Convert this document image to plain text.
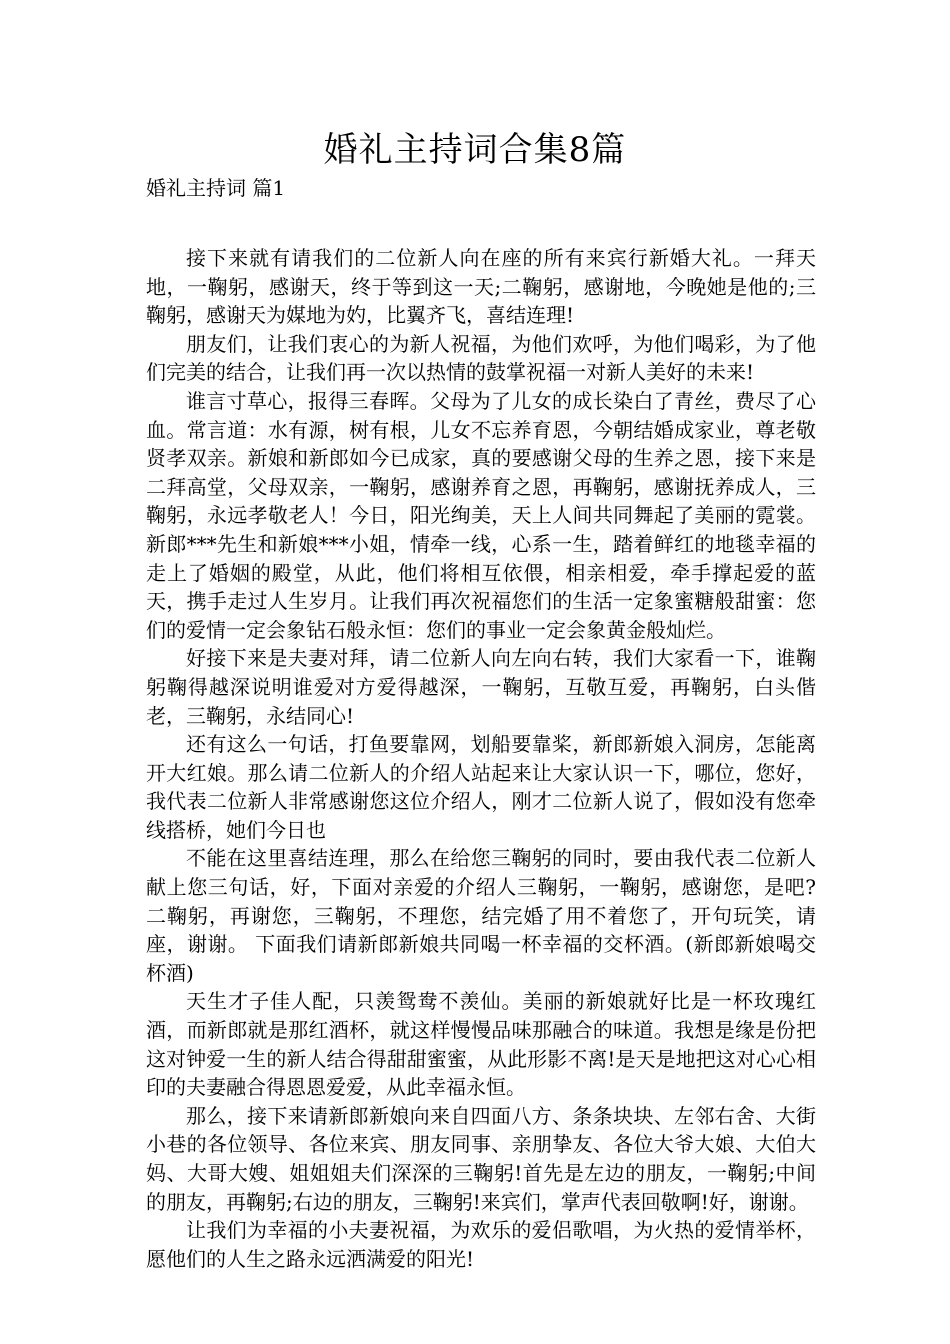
婚礼主持词合集8篇
婚礼主持词 篇1

接下来就有请我们的二位新人向在座的所有来宾行新婚大礼。一拜天地，一鞠躬，感谢天，终于等到这一天;二鞠躬，感谢地，今晚她是他的;三鞠躬，感谢天为媒地为妁，比翼齐飞，喜结连理!

朋友们，让我们衷心的为新人祝福，为他们欢呼，为他们喝彩，为了他们完美的结合，让我们再一次以热情的鼓掌祝福一对新人美好的未来!

谁言寸草心，报得三春晖。父母为了儿女的成长染白了青丝，费尽了心血。常言道：水有源，树有根，儿女不忘养育恩，今朝结婚成家业，尊老敬贤孝双亲。新娘和新郎如今已成家，真的要感谢父母的生养之恩，接下来是二拜高堂，父母双亲，一鞠躬，感谢养育之恩，再鞠躬，感谢抚养成人，三鞠躬，永远孝敬老人！今日，阳光绚美，天上人间共同舞起了美丽的霓裳。新郎***先生和新娘***小姐，情牵一线，心系一生，踏着鲜红的地毯幸福的走上了婚姻的殿堂，从此，他们将相互依偎，相亲相爱，牵手撑起爱的蓝天，携手走过人生岁月。让我们再次祝福您们的生活一定象蜜糖般甜蜜：您们的爱情一定会象钻石般永恒：您们的事业一定会象黄金般灿烂。

好接下来是夫妻对拜，请二位新人向左向右转，我们大家看一下，谁鞠躬鞠得越深说明谁爱对方爱得越深，一鞠躬，互敬互爱，再鞠躬，白头偕老，三鞠躬，永结同心!

还有这么一句话，打鱼要靠网，划船要靠桨，新郎新娘入洞房，怎能离开大红娘。那么请二位新人的介绍人站起来让大家认识一下，哪位，您好，我代表二位新人非常感谢您这位介绍人，刚才二位新人说了，假如没有您牵线搭桥，她们今日也

不能在这里喜结连理，那么在给您三鞠躬的同时，要由我代表二位新人献上您三句话，好，下面对亲爱的介绍人三鞠躬，一鞠躬，感谢您，是吧?二鞠躬，再谢您，三鞠躬，不理您，结完婚了用不着您了，开句玩笑，请座，谢谢。 下面我们请新郎新娘共同喝一杯幸福的交杯酒。(新郎新娘喝交杯酒)

天生才子佳人配，只羡鸳鸯不羡仙。美丽的新娘就好比是一杯玫瑰红酒，而新郎就是那红酒杯，就这样慢慢品味那融合的味道。我想是缘是份把这对钟爱一生的新人结合得甜甜蜜蜜，从此形影不离!是天是地把这对心心相印的夫妻融合得恩恩爱爱，从此幸福永恒。

那么，接下来请新郎新娘向来自四面八方、条条块块、左邻右舍、大街小巷的各位领导、各位来宾、朋友同事、亲朋挚友、各位大爷大娘、大伯大妈、大哥大嫂、姐姐姐夫们深深的三鞠躬!首先是左边的朋友，一鞠躬;中间的朋友，再鞠躬;右边的朋友，三鞠躬!来宾们，掌声代表回敬啊!好，谢谢。

让我们为幸福的小夫妻祝福，为欢乐的爱侣歌唱，为火热的爱情举杯，愿他们的人生之路永远洒满爱的阳光!
